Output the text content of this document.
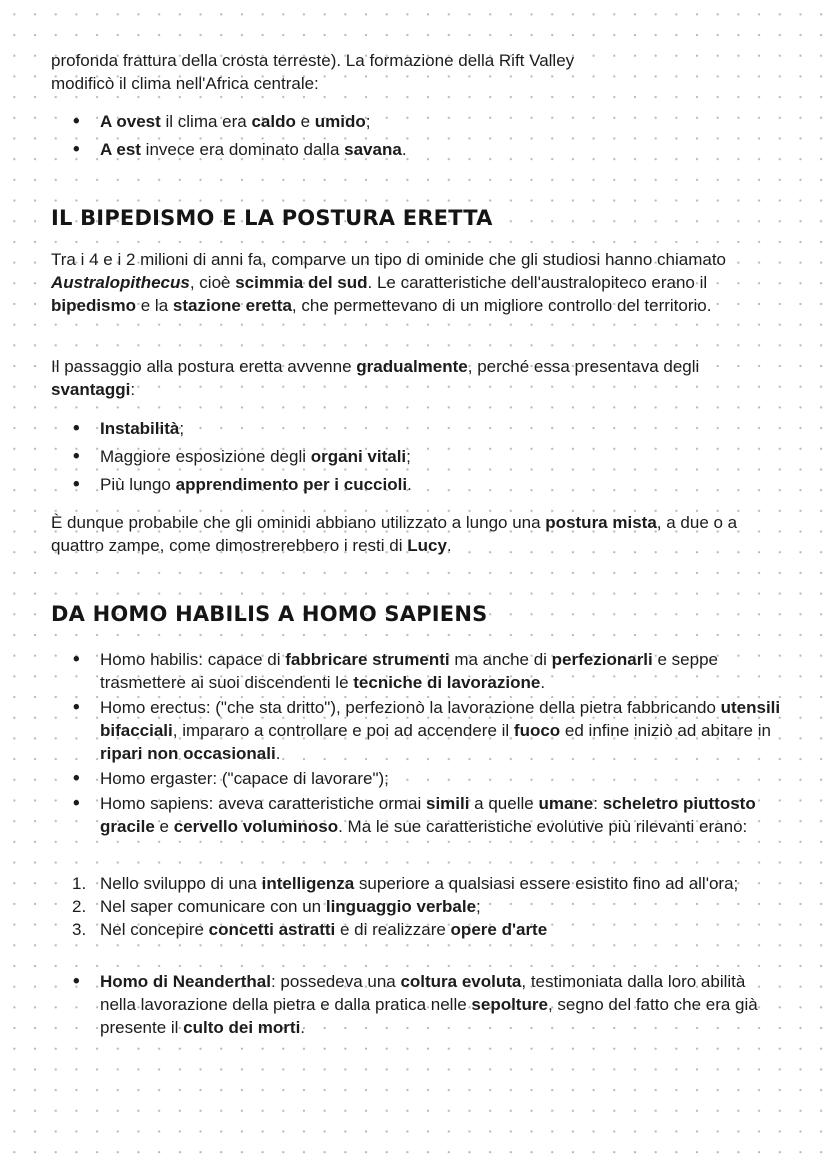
profonda frattura della crosta terreste). La formazione della Rift Valley
modificò il clima nell'Africa centrale:

• A ovest il clima era caldo e umido;
• A est invece era dominato dalla savana.
IL BIPEDISMO E LA POSTURA ERETTA

Tra i 4 e i 2 milioni di anni fa, comparve un tipo di ominide che gli studiosi hanno chiamato Australopithecus, cioè scimmia del sud. Le caratteristiche dell'australopiteco erano il bipedismo e la stazione eretta, che permettevano di un migliore controllo del territorio.

Il passaggio alla postura eretta avvenne gradualmente, perché essa presentava degli svantaggi:

• Instabilità;
• Maggiore esposizione degli organi vitali;
• Più lungo apprendimento per i cuccioli.

È dunque probabile che gli ominidi abbiano utilizzato a lungo una postura mista, a due o a quattro zampe, come dimostrerebbero i resti di Lucy.

DA HOMO HABILIS A HOMO SAPIENS
• Homo habilis: capace di fabbricare strumenti ma anche di perfezionarli e seppe trasmettere ai suoi discendenti le tecniche di lavorazione.
• Homo erectus: ("che sta dritto"), perfezionò la lavorazione della pietra fabbricando utensili bifacciali, impararo a controllare e poi ad accendere il fuoco ed infine iniziò ad abitare in ripari non occasionali.
• Homo ergaster: ("capace di lavorare");
• Homo sapiens: aveva caratteristiche ormai simili a quelle umane: scheletro piuttosto gracile e cervello voluminoso. Ma le sue caratteristiche evolutive più rilevanti erano:
1. Nello sviluppo di una intelligenza superiore a qualsiasi essere esistito fino ad all'ora;
2. Nel saper comunicare con un linguaggio verbale;
3. Nel concepire concetti astratti e di realizzare opere d'arte
• Homo di Neanderthal: possedeva una coltura evoluta, testimoniata dalla loro abilità nella lavorazione della pietra e dalla pratica nelle sepolture, segno del fatto che era già presente il culto dei morti.
